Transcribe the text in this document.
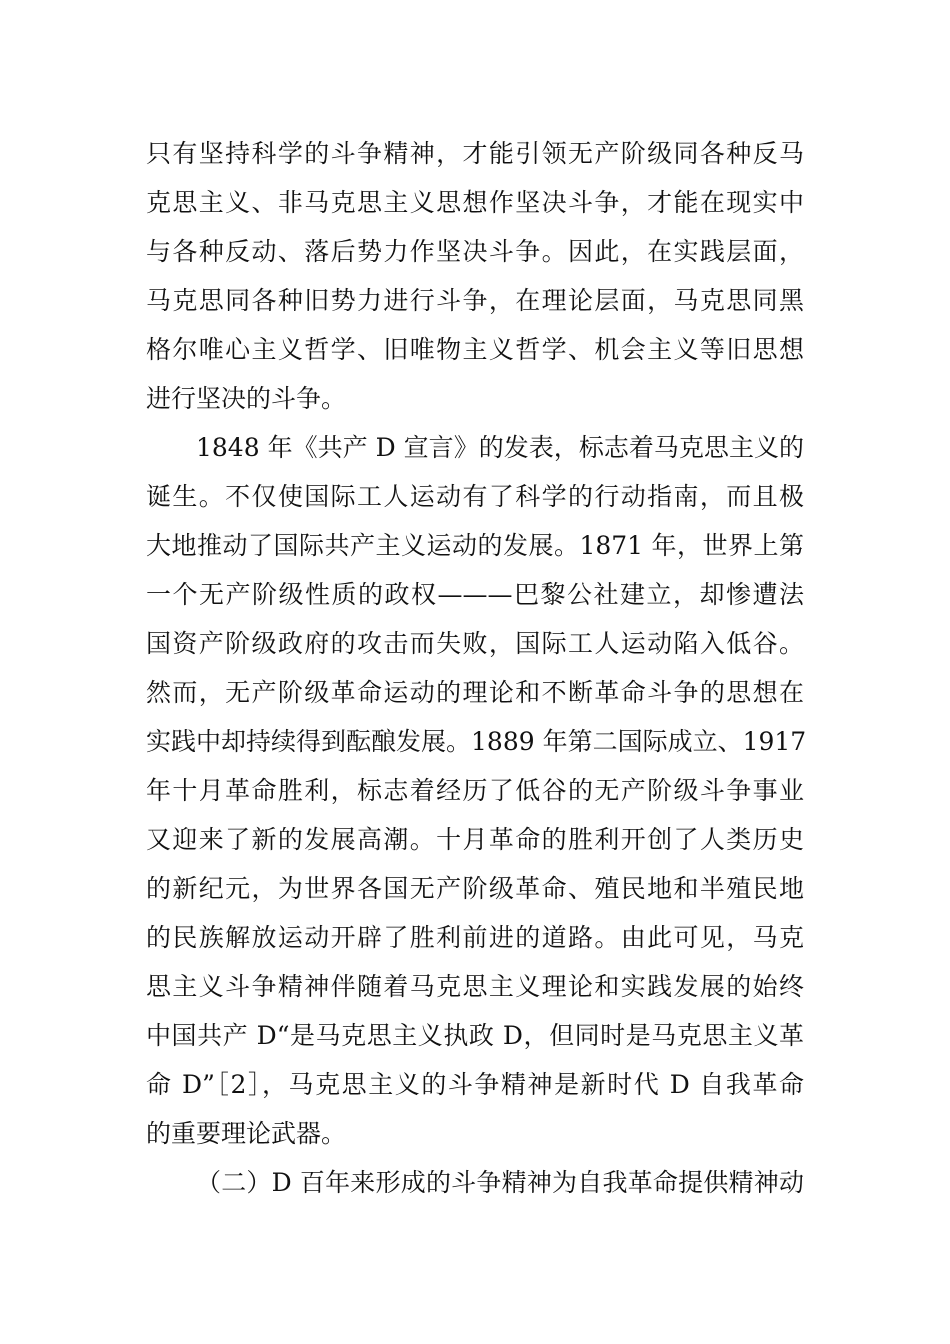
只有坚持科学的斗争精神，才能引领无产阶级同各种反马
克思主义、非马克思主义思想作坚决斗争，才能在现实中
与各种反动、落后势力作坚决斗争。因此，在实践层面，
马克思同各种旧势力进行斗争，在理论层面，马克思同黑
格尔唯心主义哲学、旧唯物主义哲学、机会主义等旧思想
进行坚决的斗争。
1848 年《共产 D 宣言》的发表，标志着马克思主义的
诞生。不仅使国际工人运动有了科学的行动指南，而且极
大地推动了国际共产主义运动的发展。1871 年，世界上第
一个无产阶级性质的政权———巴黎公社建立，却惨遭法
国资产阶级政府的攻击而失败，国际工人运动陷入低谷。
然而，无产阶级革命运动的理论和不断革命斗争的思想在
实践中却持续得到酝酿发展。1889 年第二国际成立、1917
年十月革命胜利，标志着经历了低谷的无产阶级斗争事业
又迎来了新的发展高潮。十月革命的胜利开创了人类历史
的新纪元，为世界各国无产阶级革命、殖民地和半殖民地
的民族解放运动开辟了胜利前进的道路。由此可见，马克
思主义斗争精神伴随着马克思主义理论和实践发展的始终
中国共产 D“是马克思主义执政 D，但同时是马克思主义革
命 D”［2］，马克思主义的斗争精神是新时代 D 自我革命
的重要理论武器。
（二）D 百年来形成的斗争精神为自我革命提供精神动
